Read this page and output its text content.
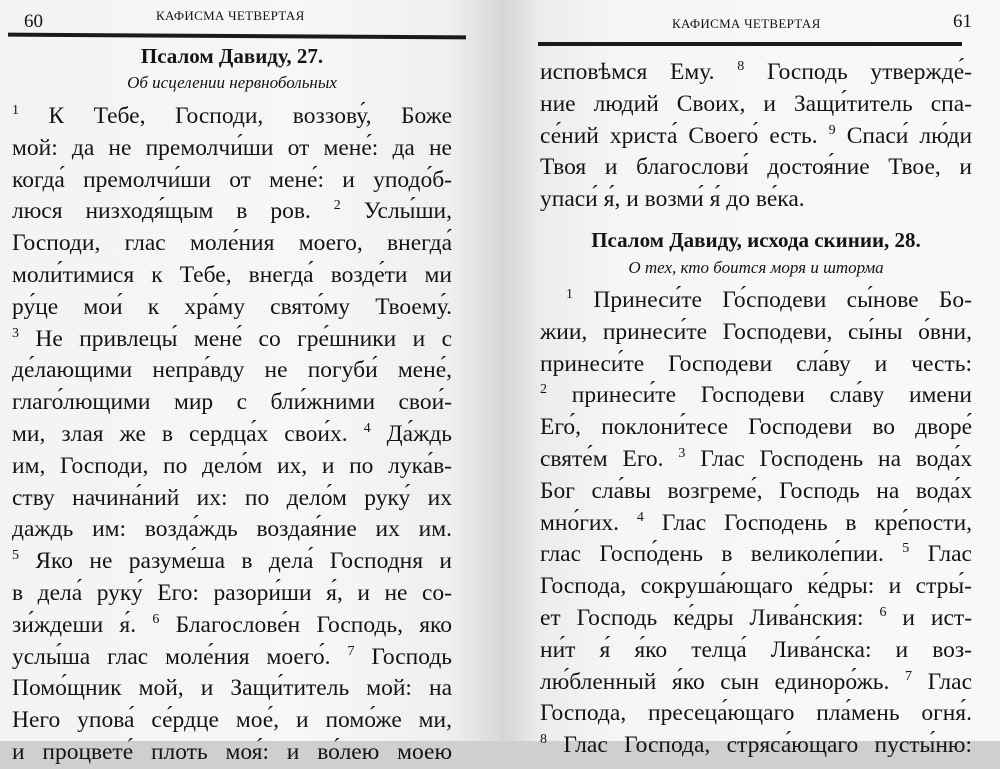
60	КАФИСМА ЧЕТВЕРТАЯ
Псалом Давиду, 27.
Об исцелении нервнобольных
$^1$ К Тебе, Господи, воззову́, Боже
мой: да не премолчи́ши от мене́: да не
когда́ премолчи́ши от мене́: и уподо́б-
люся низходя́щым в ров. $^2$ Услы́ши,
Господи, глас моле́ния моего, внегда́
моли́тимися к Тебе, внегда́ возде́ти ми
ру́це мои́ к хра́му свято́му Твоему́.
$^3$ Не привлецы́ мене́ со гре́шники и с
де́лающими непра́вду не погуби́ мене́,
глаго́лющими мир с бли́жними свои́-
ми, злая же в сердца́х свои́х. $^4$ Да́ждь
им, Господи, по дело́м их, и по лука́в-
ству начина́ний их: по дело́м руку́ их
даждь им: возда́ждь воздая́ние их им.
$^5$ Яко не разуме́ша в дела́ Господня и
в дела́ руку́ Его: разори́ши я́, и не со-
зи́ждеши я́. $^6$ Благослове́н Господь, яко
услы́ша глас моле́ния моего́. $^7$ Господь
Помо́щник мой, и Защи́титель мой: на
Него упова́ се́рдце мое́, и помо́же ми,
и процвете́ плоть моя́: и во́лею моею
КАФИСМА ЧЕТВЕРТАЯ	61
исповѣмся Ему. $^8$ Господь утвержде́-
ние людий Своих, и Защи́титель спа-
се́ний христа́ Своего́ есть. $^9$ Спаси́ лю́ди
Твоя и благослови́ достоя́ние Твое, и
упаси́ я́, и возми́ я́ до ве́ка.
Псалом Давиду, исхода скинии, 28.
О тех, кто боится моря и шторма
$^1$ Принеси́те Го́сподеви сы́нове Бо-
жии, принеси́те Господеви, сы́ны о́вни,
принеси́те Господеви сла́ву и честь:
$^2$ принеси́те Господеви сла́ву имени
Его́, поклони́тесе Господеви во дворе́
святе́м Его. $^3$ Глас Господень на вода́х
Бог сла́вы возгреме́, Господь на вода́х
мно́гих. $^4$ Глас Господень в кре́пости,
глас Госпо́день в великоле́пии. $^5$ Глас
Господа, сокруша́ющаго ке́дры: и стры́-
ет Господь ке́дры Лива́нския: $^6$ и ист-
ни́т я́ я́ко телца́ Лива́нска: и воз-
лю́бленный я́ко сын единоро́жь. $^7$ Глас
Господа, пресеца́ющаго пла́мень огня́.
$^8$ Глас Господа, стряса́ющаго пусты́ню:
